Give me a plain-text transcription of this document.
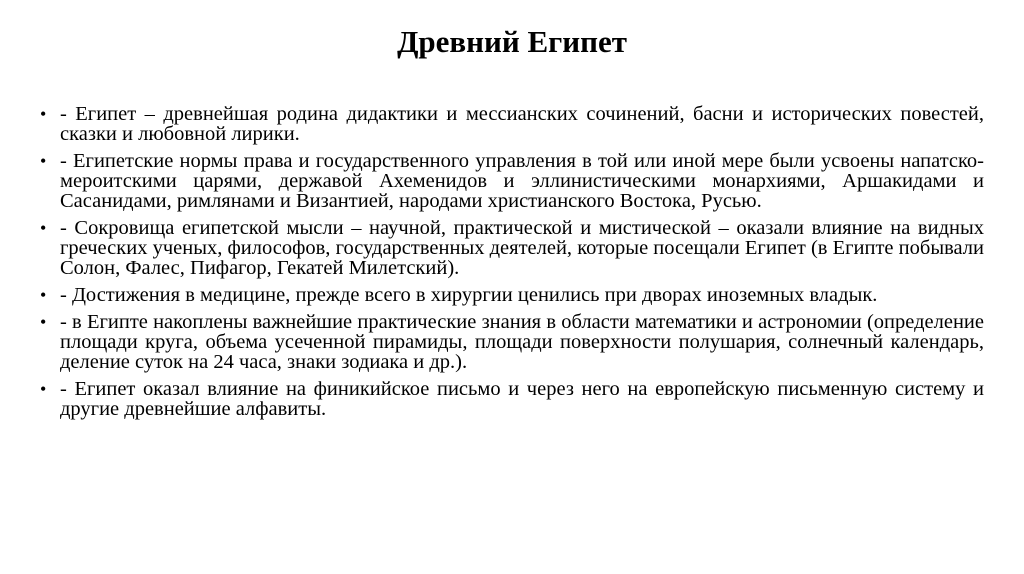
Древний Египет
• - Египет – древнейшая родина дидактики и мессианских сочинений, басни и исторических повестей, сказки и любовной лирики.
• - Египетские нормы права и государственного управления в той или иной мере были усвоены напатско-мероитскими царями, державой Ахеменидов и эллинистическими монархиями, Аршакидами и Сасанидами, римлянами и Византией, народами христианского Востока, Русью.
• - Сокровища египетской мысли – научной, практической и мистической – оказали влияние на видных греческих ученых, философов, государственных деятелей, которые посещали Египет (в Египте побывали Солон, Фалес, Пифагор, Гекатей Милетский).
• - Достижения в медицине, прежде всего в хирургии ценились при дворах иноземных владык.
• - в Египте накоплены важнейшие практические знания в области математики и астрономии (определение площади круга, объема усеченной пирамиды, площади поверхности полушария, солнечный календарь, деление суток на 24 часа, знаки зодиака и др.).
• - Египет оказал влияние на финикийское письмо и через него на европейскую письменную систему и другие древнейшие алфавиты.
